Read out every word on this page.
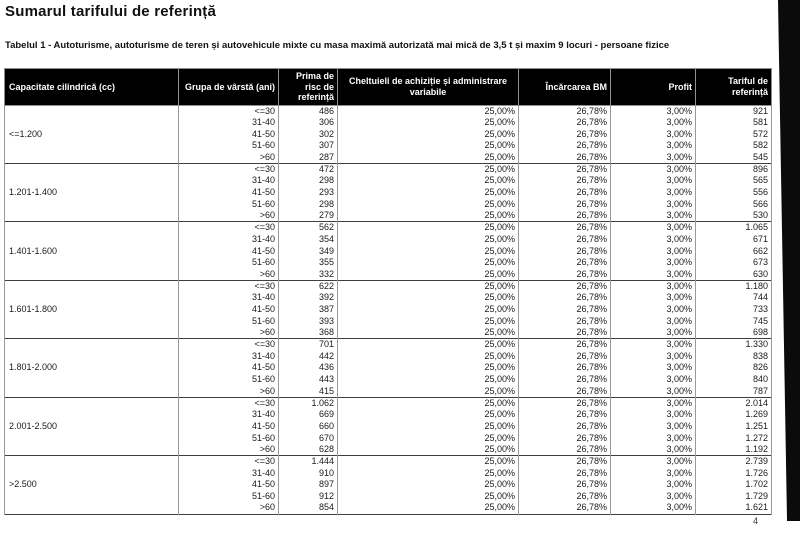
Sumarul tarifului de referință
Tabelul 1 - Autoturisme, autoturisme de teren și autovehicule mixte cu masa maximă autorizată mai mică de 3,5 t și maxim 9 locuri - persoane fizice
Capacitate cilindrică (cc)	Grupa de vârstă (ani)	Prima de risc de referință	Cheltuieli de achiziție și administrare variabile	Încărcarea BM	Profit	Tariful de referință
<=1.200	<=30	486	25,00%	26,78%	3,00%	921
	31-40	306	25,00%	26,78%	3,00%	581
	41-50	302	25,00%	26,78%	3,00%	572
	51-60	307	25,00%	26,78%	3,00%	582
	>60	287	25,00%	26,78%	3,00%	545
1.201-1.400	<=30	472	25,00%	26,78%	3,00%	896
	31-40	298	25,00%	26,78%	3,00%	565
	41-50	293	25,00%	26,78%	3,00%	556
	51-60	298	25,00%	26,78%	3,00%	566
	>60	279	25,00%	26,78%	3,00%	530
1.401-1.600	<=30	562	25,00%	26,78%	3,00%	1.065
	31-40	354	25,00%	26,78%	3,00%	671
	41-50	349	25,00%	26,78%	3,00%	662
	51-60	355	25,00%	26,78%	3,00%	673
	>60	332	25,00%	26,78%	3,00%	630
1.601-1.800	<=30	622	25,00%	26,78%	3,00%	1.180
	31-40	392	25,00%	26,78%	3,00%	744
	41-50	387	25,00%	26,78%	3,00%	733
	51-60	393	25,00%	26,78%	3,00%	745
	>60	368	25,00%	26,78%	3,00%	698
1.801-2.000	<=30	701	25,00%	26,78%	3,00%	1.330
	31-40	442	25,00%	26,78%	3,00%	838
	41-50	436	25,00%	26,78%	3,00%	826
	51-60	443	25,00%	26,78%	3,00%	840
	>60	415	25,00%	26,78%	3,00%	787
2.001-2.500	<=30	1.062	25,00%	26,78%	3,00%	2.014
	31-40	669	25,00%	26,78%	3,00%	1.269
	41-50	660	25,00%	26,78%	3,00%	1.251
	51-60	670	25,00%	26,78%	3,00%	1.272
	>60	628	25,00%	26,78%	3,00%	1.192
>2.500	<=30	1.444	25,00%	26,78%	3,00%	2.739
	31-40	910	25,00%	26,78%	3,00%	1.726
	41-50	897	25,00%	26,78%	3,00%	1.702
	51-60	912	25,00%	26,78%	3,00%	1.729
	>60	854	25,00%	26,78%	3,00%	1.621
4
